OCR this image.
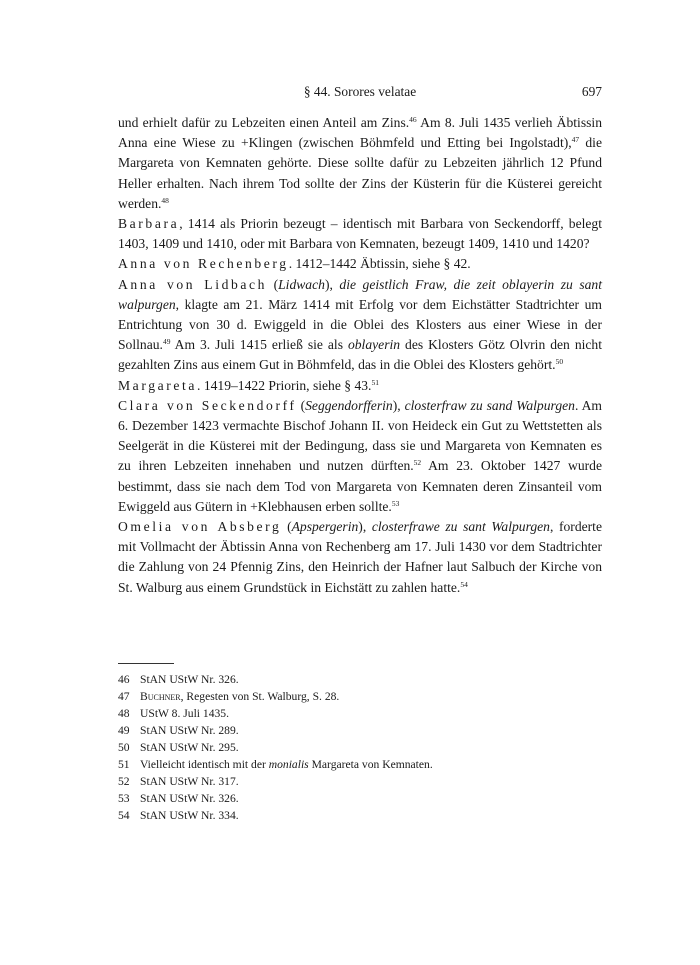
§ 44. Sorores velatae	697

und erhielt dafür zu Lebzeiten einen Anteil am Zins.$^{46}$ Am 8. Juli 1435 verlieh Äbtissin Anna eine Wiese zu +Klingen (zwischen Böhmfeld und Etting bei Ingolstadt),$^{47}$ die Margareta von Kemnaten gehörte. Diese sollte dafür zu Lebzeiten jährlich 12 Pfund Heller erhalten. Nach ihrem Tod sollte der Zins der Küsterin für die Küsterei gereicht werden.$^{48}$

Barbara, 1414 als Priorin bezeugt – identisch mit Barbara von Seckendorff, belegt 1403, 1409 und 1410, oder mit Barbara von Kemnaten, bezeugt 1409, 1410 und 1420?

Anna von Rechenberg. 1412–1442 Äbtissin, siehe § 42.

Anna von Lidbach (Lidwach), die geistlich Fraw, die zeit oblayerin zu sant walpurgen, klagte am 21. März 1414 mit Erfolg vor dem Eichstätter Stadtrichter um Entrichtung von 30 d. Ewiggeld in die Oblei des Klosters aus einer Wiese in der Sollnau.$^{49}$ Am 3. Juli 1415 erließ sie als oblayerin des Klosters Götz Olvrin den nicht gezahlten Zins aus einem Gut in Böhmfeld, das in die Oblei des Klosters gehört.$^{50}$

Margareta. 1419–1422 Priorin, siehe § 43.51

Clara von Seckendorff (Seggendorfferin), closterfraw zu sand Walpurgen. Am 6. Dezember 1423 vermachte Bischof Johann II. von Heideck ein Gut zu Wettstetten als Seelgerät in die Küsterei mit der Bedingung, dass sie und Margareta von Kemnaten es zu ihren Lebzeiten innehaben und nutzen dürften.$^{52}$ Am 23. Oktober 1427 wurde bestimmt, dass sie nach dem Tod von Margareta von Kemnaten deren Zinsanteil vom Ewiggeld aus Gütern in +Klebhausen erben sollte.$^{53}$

Omelia von Absberg (Apspergerin), closterfrawe zu sant Walpurgen, forderte mit Vollmacht der Äbtissin Anna von Rechenberg am 17. Juli 1430 vor dem Stadtrichter die Zahlung von 24 Pfennig Zins, den Heinrich der Hafner laut Salbuch der Kirche von St. Walburg aus einem Grundstück in Eichstätt zu zahlen hatte.$^{54}$

46 StAN UStW Nr. 326.
47 Buchner, Regesten von St. Walburg, S. 28.
48 UStW 8. Juli 1435.
49 StAN UStW Nr. 289.
50 StAN UStW Nr. 295.
51 Vielleicht identisch mit der monialis Margareta von Kemnaten.
52 StAN UStW Nr. 317.
53 StAN UStW Nr. 326.
54 StAN UStW Nr. 334.
